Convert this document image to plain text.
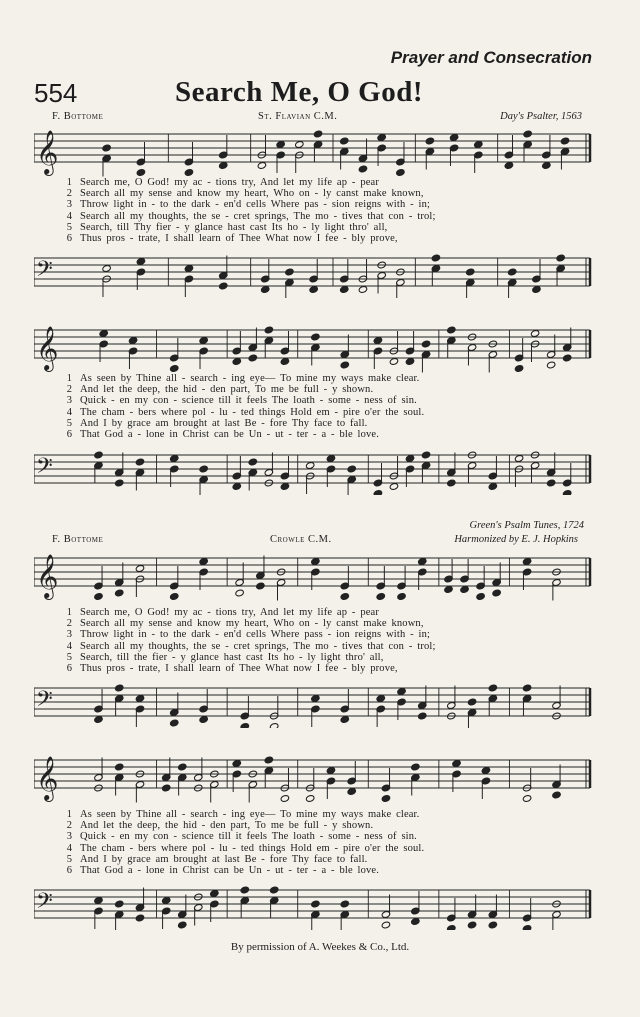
Prayer and Consecration
554	Search Me, O God!
F. Bottome	St. Flavian C.M.	Day's Psalter, 1563
𝄞
1 Search me, O God! my ac - tions try, And let my life ap - pear
2 Search all my sense and know my heart, Who on - ly canst make known,
3 Throw light in - to the dark - en'd cells Where pas - sion reigns with - in;
4 Search all my thoughts, the se - cret springs, The mo - tives that con - trol;
5 Search, till Thy fier - y glance hast cast Its ho - ly light thro' all,
6 Thus pros - trate, I shall learn of Thee What now I fee - bly prove,
𝄢
𝄞
1 As seen by Thine all - search - ing eye— To mine my ways make clear.
2 And let the deep, the hid - den part, To me be full - y shown.
3 Quick - en my con - science till it feels The loath - some - ness of sin.
4 The cham - bers where pol - lu - ted things Hold em - pire o'er the soul.
5 And I by grace am brought at last Be - fore Thy face to fall.
6 That God a - lone in Christ can be Un - ut - ter - a - ble love.
𝄢
Green's Psalm Tunes, 1724
F. Bottome	Crowle C.M.	Harmonized by E. J. Hopkins
𝄞
1 Search me, O God! my ac - tions try, And let my life ap - pear
2 Search all my sense and know my heart, Who on - ly canst make known,
3 Throw light in - to the dark - en'd cells Where pass - ion reigns with - in;
4 Search all my thoughts, the se - cret springs, The mo - tives that con - trol;
5 Search, till the fier - y glance hast cast Its ho - ly light thro' all,
6 Thus pros - trate, I shall learn of Thee What now I fee - bly prove,
𝄢
𝄞
1 As seen by Thine all - search - ing eye— To mine my ways make clear.
2 And let the deep, the hid - den part, To me be full - y shown.
3 Quick - en my con - science till it feels The loath - some - ness of sin.
4 The cham - bers where pol - lu - ted things Hold em - pire o'er the soul.
5 And I by grace am brought at last Be - fore Thy face to fall.
6 That God a - lone in Christ can be Un - ut - ter - a - ble love.
𝄢
By permission of A. Weekes & Co., Ltd.
